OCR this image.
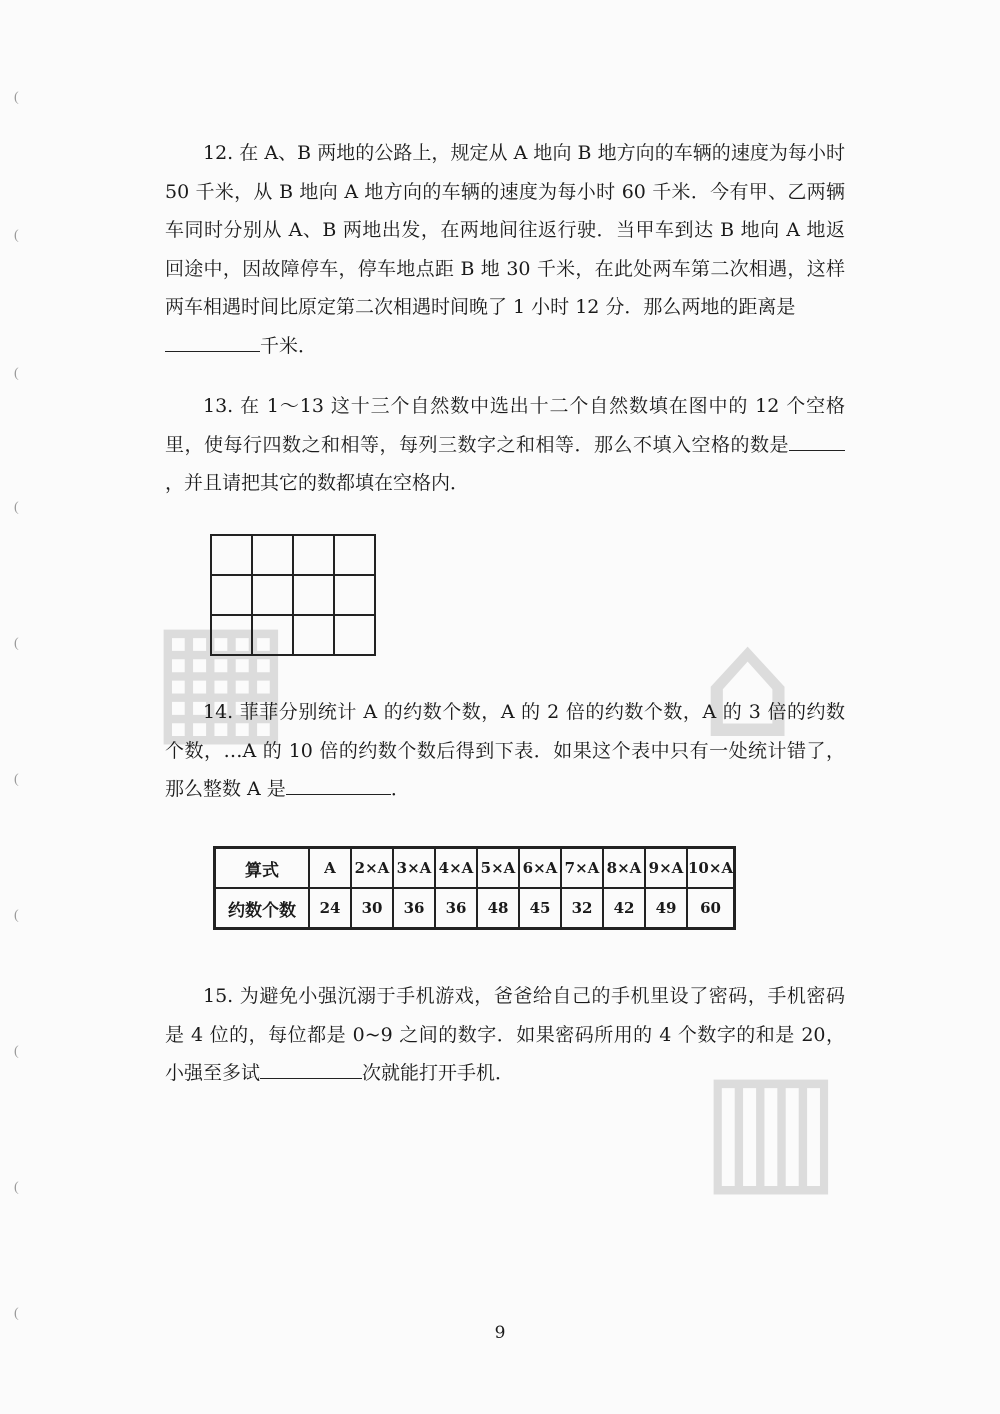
(
(
(
(
(
(
(
(
(
(
▦	⌂
▥

12. 在 A、B 两地的公路上，规定从 A 地向 B 地方向的车辆的速度为每小时 50 千米，从 B 地向 A 地方向的车辆的速度为每小时 60 千米．今有甲、乙两辆车同时分别从 A、B 两地出发，在两地间往返行驶．当甲车到达 B 地向 A 地返回途中，因故障停车，停车地点距 B 地 30 千米，在此处两车第二次相遇，这样两车相遇时间比原定第二次相遇时间晚了 1 小时 12 分．那么两地的距离是
千米．

13. 在 1～13 这十三个自然数中选出十二个自然数填在图中的 12 个空格里，使每行四数之和相等，每列三数字之和相等．那么不填入空格的数是，并且请把其它的数都填在空格内．

14. 菲菲分别统计 A 的约数个数，A 的 2 倍的约数个数，A 的 3 倍的约数个数，…A 的 10 倍的约数个数后得到下表．如果这个表中只有一处统计错了，那么整数 A 是	．

算式	A	2×A	3×A	4×A	5×A	6×A	7×A	8×A	9×A	10×A
约数个数	24	30	36	36	48	45	32	42	49	60

15. 为避免小强沉溺于手机游戏，爸爸给自己的手机里设了密码，手机密码是 4 位的，每位都是 0~9 之间的数字．如果密码所用的 4 个数字的和是 20，小强至多试	次就能打开手机．

9
